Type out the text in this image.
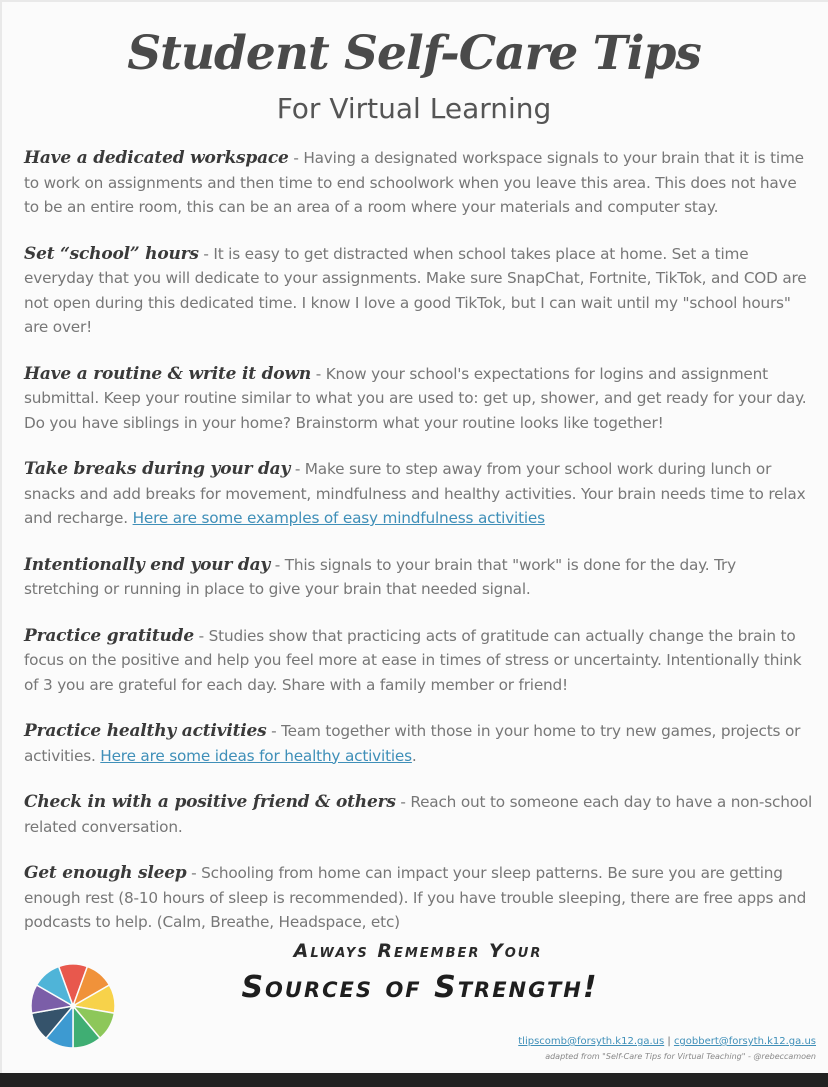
Student Self-Care Tips
For Virtual Learning

Have a dedicated workspace - Having a designated workspace signals to your brain that it is time to work on assignments and then time to end schoolwork when you leave this area. This does not have to be an entire room, this can be an area of a room where your materials and computer stay.

Set “school” hours - It is easy to get distracted when school takes place at home. Set a time everyday that you will dedicate to your assignments. Make sure SnapChat, Fortnite, TikTok, and COD are not open during this dedicated time. I know I love a good TikTok, but I can wait until my "school hours" are over!

Have a routine & write it down - Know your school's expectations for logins and assignment submittal. Keep your routine similar to what you are used to: get up, shower, and get ready for your day. Do you have siblings in your home? Brainstorm what your routine looks like together!

Take breaks during your day - Make sure to step away from your school work during lunch or snacks and add breaks for movement, mindfulness and healthy activities. Your brain needs time to relax and recharge. Here are some examples of easy mindfulness activities

Intentionally end your day - This signals to your brain that "work" is done for the day. Try stretching or running in place to give your brain that needed signal.

Practice gratitude - Studies show that practicing acts of gratitude can actually change the brain to focus on the positive and help you feel more at ease in times of stress or uncertainty. Intentionally think of 3 you are grateful for each day. Share with a family member or friend!

Practice healthy activities - Team together with those in your home to try new games, projects or activities. Here are some ideas for healthy activities.

Check in with a positive friend & others - Reach out to someone each day to have a non-school related conversation.

Get enough sleep - Schooling from home can impact your sleep patterns. Be sure you are getting enough rest (8-10 hours of sleep is recommended). If you have trouble sleeping, there are free apps and podcasts to help. (Calm, Breathe, Headspace, etc)

Always Remember Your
Sources of Strength!
tlipscomb@forsyth.k12.ga.us | cgobbert@forsyth.k12.ga.us
adapted from "Self-Care Tips for Virtual Teaching" - @rebeccamoen
